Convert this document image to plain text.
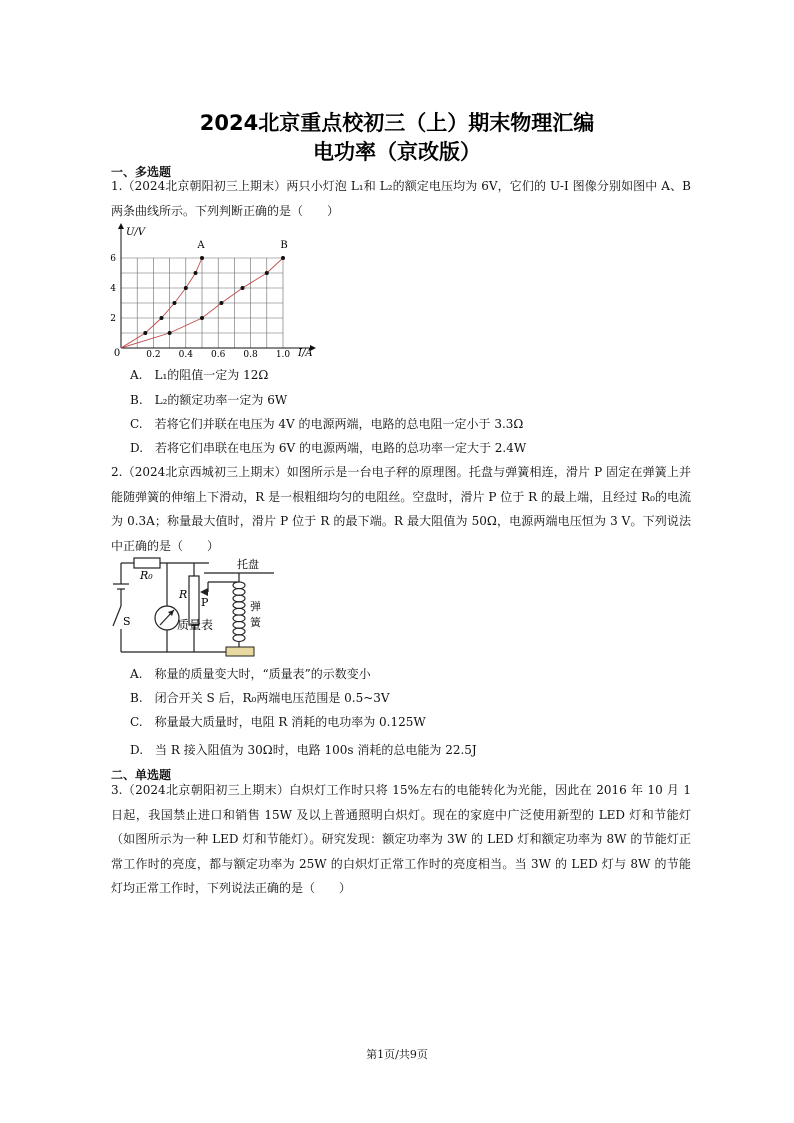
2024北京重点校初三（上）期末物理汇编
电功率（京改版）
一、多选题
1.（2024北京朝阳初三上期末）两只小灯泡 L₁和 L₂的额定电压均为 6V，它们的 U-I 图像分别如图中 A、B 两条曲线所示。下列判断正确的是（　　）
0.2 0.4 0.6 0.8 1.0
2
4
6
U/V
I/A
0
A	B
A.　L₁的阻值一定为 12Ω
B.　L₂的额定功率一定为 6W
C.　若将它们并联在电压为 4V 的电源两端，电路的总电阻一定小于 3.3Ω
D.　若将它们串联在电压为 6V 的电源两端，电路的总功率一定大于 2.4W
2.（2024北京西城初三上期末）如图所示是一台电子秤的原理图。托盘与弹簧相连，滑片 P 固定在弹簧上并能随弹簧的伸缩上下滑动，R 是一根粗细均匀的电阻丝。空盘时，滑片 P 位于 R 的最上端，且经过 R₀的电流为 0.3A；称量最大值时，滑片 P 位于 R 的最下端。R 最大阻值为 50Ω，电源两端电压恒为 3 V。下列说法中正确的是（　　）
托盘
R₀
R
P
S	质量表
弹
簧
A.　称量的质量变大时，“质量表”的示数变小
B.　闭合开关 S 后，R₀两端电压范围是 0.5~3V
C.　称量最大质量时，电阻 R 消耗的电功率为 0.125W
D.　当 R 接入阻值为 30Ω时，电路 100s 消耗的总电能为 22.5J
二、单选题
3.（2024北京朝阳初三上期末）白炽灯工作时只将 15%左右的电能转化为光能，因此在 2016 年 10 月 1 日起，我国禁止进口和销售 15W 及以上普通照明白炽灯。现在的家庭中广泛使用新型的 LED 灯和节能灯（如图所示为一种 LED 灯和节能灯）。研究发现：额定功率为 3W 的 LED 灯和额定功率为 8W 的节能灯正常工作时的亮度，都与额定功率为 25W 的白炽灯正常工作时的亮度相当。当 3W 的 LED 灯与 8W 的节能灯均正常工作时，下列说法正确的是（　　）
第1页/共9页
